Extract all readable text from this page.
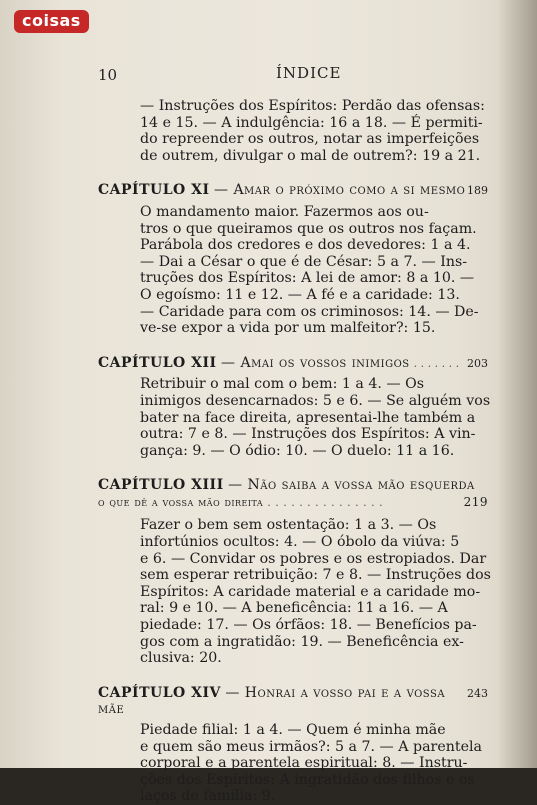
coisas
10	ÍNDICE
— Instruções dos Espíritos: Perdão das ofensas:
14 e 15. — A indulgência: 16 a 18. — É permiti-
do repreender os outros, notar as imperfeições
de outrem, divulgar o mal de outrem?: 19 a 21.
CAPÍTULO XI — Amar o próximo como a si mesmo 189
O mandamento maior. Fazermos aos ou-
tros o que queiramos que os outros nos façam.
Parábola dos credores e dos devedores: 1 a 4.
— Dai a César o que é de César: 5 a 7. — Ins-
truções dos Espíritos: A lei de amor: 8 a 10. —
O egoísmo: 11 e 12. — A fé e a caridade: 13.
— Caridade para com os criminosos: 14. — De-
ve-se expor a vida por um malfeitor?: 15.
CAPÍTULO XII — Amai os vossos inimigos . . . . . . . 203
Retribuir o mal com o bem: 1 a 4. — Os
inimigos desencarnados: 5 e 6. — Se alguém vos
bater na face direita, apresentai-lhe também a
outra: 7 e 8. — Instruções dos Espíritos: A vin-
gança: 9. — O ódio: 10. — O duelo: 11 a 16.
CAPÍTULO XIII — Não saiba a vossa mão esquerda
o que dê a vossa mão direita . . . . . . . . . . . . . . .	219
Fazer o bem sem ostentação: 1 a 3. — Os
infortúnios ocultos: 4. — O óbolo da viúva: 5
e 6. — Convidar os pobres e os estropiados. Dar
sem esperar retribuição: 7 e 8. — Instruções dos
Espíritos: A caridade material e a caridade mo-
ral: 9 e 10. — A beneficência: 11 a 16. — A
piedade: 17. — Os órfãos: 18. — Benefícios pa-
gos com a ingratidão: 19. — Beneficência ex-
clusiva: 20.
CAPÍTULO XIV — Honrai a vosso pai e a vossa mãe
243
Piedade filial: 1 a 4. — Quem é minha mãe
e quem são meus irmãos?: 5 a 7. — A parentela
corporal e a parentela espiritual: 8. — Instru-
ções dos Espíritos: A ingratidão dos filhos e os
laços de família: 9.
